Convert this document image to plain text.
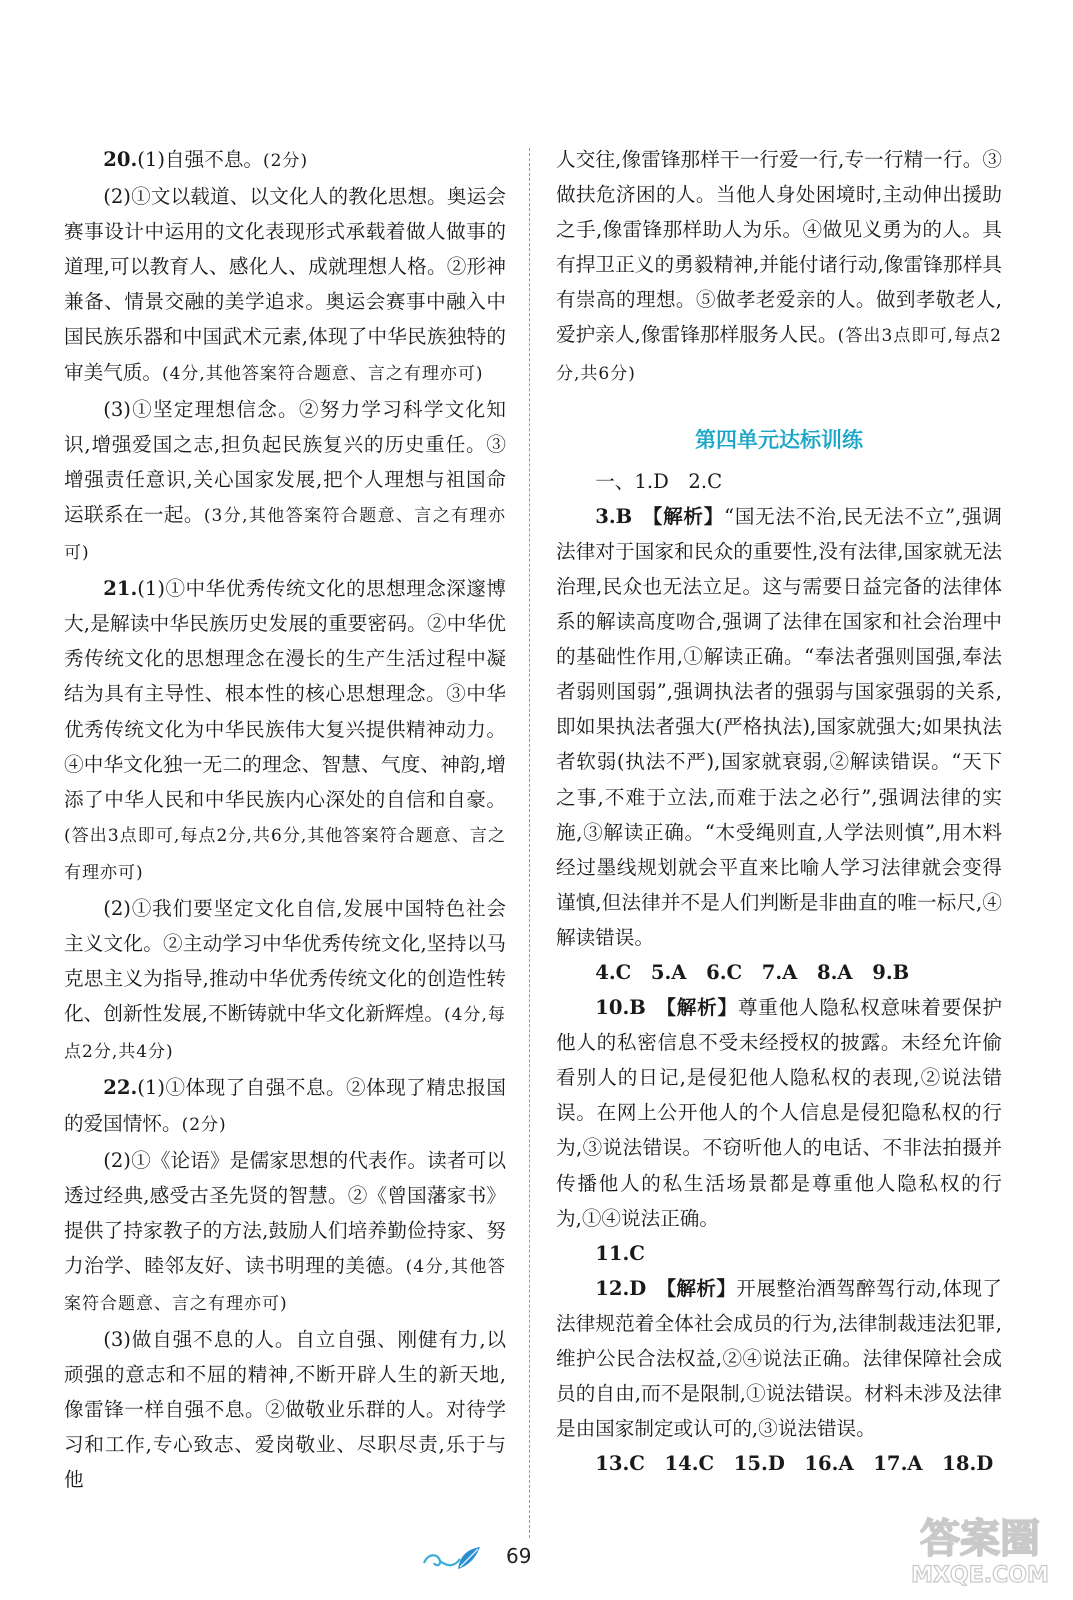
20.(1)自强不息。(2分)

(2)①文以载道、以文化人的教化思想。奥运会赛事设计中运用的文化表现形式承载着做人做事的道理,可以教育人、感化人、成就理想人格。②形神兼备、情景交融的美学追求。奥运会赛事中融入中国民族乐器和中国武术元素,体现了中华民族独特的审美气质。(4分,其他答案符合题意、言之有理亦可)

(3)①坚定理想信念。②努力学习科学文化知识,增强爱国之志,担负起民族复兴的历史重任。③增强责任意识,关心国家发展,把个人理想与祖国命运联系在一起。(3分,其他答案符合题意、言之有理亦可)

21.(1)①中华优秀传统文化的思想理念深邃博大,是解读中华民族历史发展的重要密码。②中华优秀传统文化的思想理念在漫长的生产生活过程中凝结为具有主导性、根本性的核心思想理念。③中华优秀传统文化为中华民族伟大复兴提供精神动力。④中华文化独一无二的理念、智慧、气度、神韵,增添了中华人民和中华民族内心深处的自信和自豪。(答出3点即可,每点2分,共6分,其他答案符合题意、言之有理亦可)

(2)①我们要坚定文化自信,发展中国特色社会主义文化。②主动学习中华优秀传统文化,坚持以马克思主义为指导,推动中华优秀传统文化的创造性转化、创新性发展,不断铸就中华文化新辉煌。(4分,每点2分,共4分)

22.(1)①体现了自强不息。②体现了精忠报国的爱国情怀。(2分)

(2)①《论语》是儒家思想的代表作。读者可以透过经典,感受古圣先贤的智慧。②《曾国藩家书》提供了持家教子的方法,鼓励人们培养勤俭持家、努力治学、睦邻友好、读书明理的美德。(4分,其他答案符合题意、言之有理亦可)

(3)做自强不息的人。自立自强、刚健有力,以顽强的意志和不屈的精神,不断开辟人生的新天地,像雷锋一样自强不息。②做敬业乐群的人。对待学习和工作,专心致志、爱岗敬业、尽职尽责,乐于与他

人交往,像雷锋那样干一行爱一行,专一行精一行。③做扶危济困的人。当他人身处困境时,主动伸出援助之手,像雷锋那样助人为乐。④做见义勇为的人。具有捍卫正义的勇毅精神,并能付诸行动,像雷锋那样具有崇高的理想。⑤做孝老爱亲的人。做到孝敬老人,爱护亲人,像雷锋那样服务人民。(答出3点即可,每点2分,共6分)

第四单元达标训练

一、1.D　2.C

3.B 【解析】“国无法不治,民无法不立”,强调法律对于国家和民众的重要性,没有法律,国家就无法治理,民众也无法立足。这与需要日益完备的法律体系的解读高度吻合,强调了法律在国家和社会治理中的基础性作用,①解读正确。“奉法者强则国强,奉法者弱则国弱”,强调执法者的强弱与国家强弱的关系,即如果执法者强大(严格执法),国家就强大;如果执法者软弱(执法不严),国家就衰弱,②解读错误。“天下之事,不难于立法,而难于法之必行”,强调法律的实施,③解读正确。“木受绳则直,人学法则慎”,用木料经过墨线规划就会平直来比喻人学习法律就会变得谨慎,但法律并不是人们判断是非曲直的唯一标尺,④解读错误。

4.C　5.A　6.C　7.A　8.A　9.B

10.B 【解析】尊重他人隐私权意味着要保护他人的私密信息不受未经授权的披露。未经允许偷看别人的日记,是侵犯他人隐私权的表现,②说法错误。在网上公开他人的个人信息是侵犯隐私权的行为,③说法错误。不窃听他人的电话、不非法拍摄并传播他人的私生活场景都是尊重他人隐私权的行为,①④说法正确。

11.C

12.D 【解析】开展整治酒驾醉驾行动,体现了法律规范着全体社会成员的行为,法律制裁违法犯罪,维护公民合法权益,②④说法正确。法律保障社会成员的自由,而不是限制,①说法错误。材料未涉及法律是由国家制定或认可的,③说法错误。

13.C　14.C　15.D　16.A　17.A　18.D

69	答案圈
MXQE.COM
